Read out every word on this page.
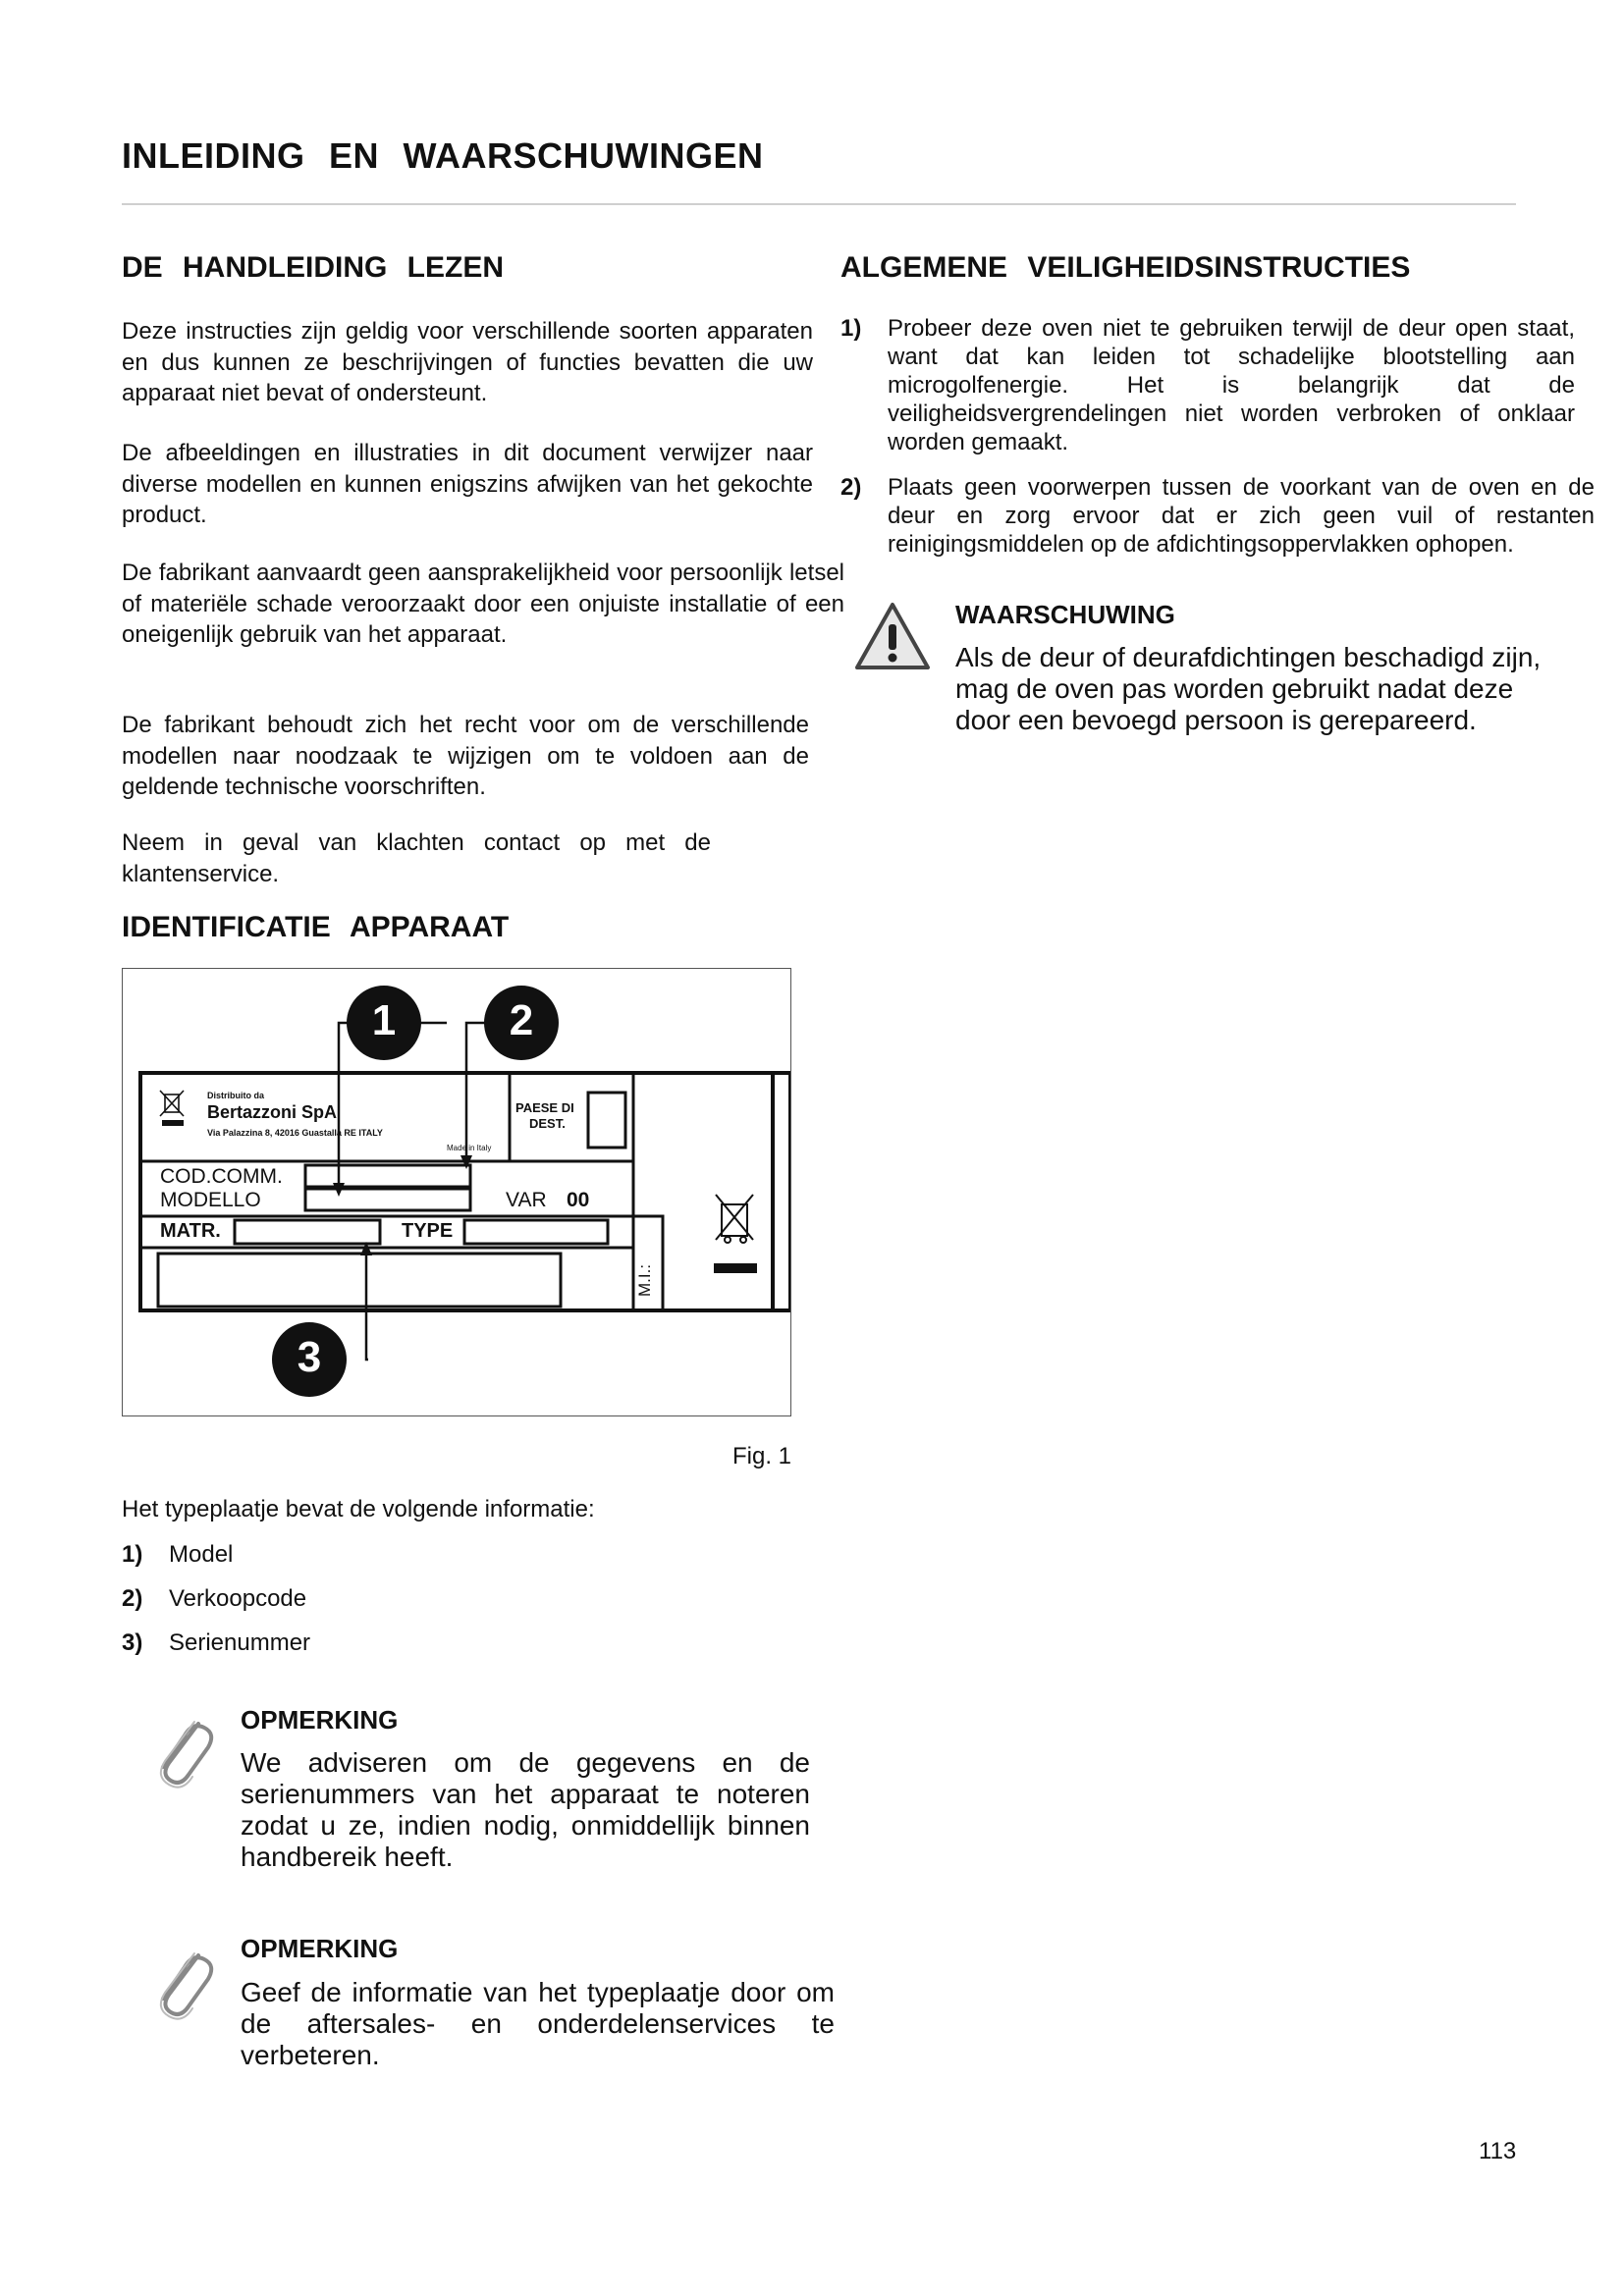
INLEIDING EN WAARSCHUWINGEN
DE HANDLEIDING LEZEN

Deze instructies zijn geldig voor verschillende soorten apparaten en dus kunnen ze beschrijvingen of functies bevatten die uw apparaat niet bevat of ondersteunt.

De afbeeldingen en illustraties in dit document verwijzer naar diverse modellen en kunnen enigszins afwijken van het gekochte product.

De fabrikant aanvaardt geen aansprakelijkheid voor persoonlijk letsel of materiële schade veroorzaakt door een onjuiste installatie of een oneigenlijk gebruik van het apparaat.

De fabrikant behoudt zich het recht voor om de verschillende modellen naar noodzaak te wijzigen om te voldoen aan de geldende technische voorschriften.

Neem in geval van klachten contact op met de klantenservice.

IDENTIFICATIE APPARAAT
1	2
3
Distribuito da
Bertazzoni SpA
Via Palazzina 8, 42016 Guastalla RE ITALY
Made in Italy
PAESE DI
DEST.
COD.COMM.
MODELLO	VAR 00
MATR.	TYPE
M.I.:
Fig. 1
Het typeplaatje bevat de volgende informatie:
1) Model
2) Verkoopcode
3) Serienummer
OPMERKING

We adviseren om de gegevens en de serienummers van het apparaat te noteren zodat u ze, indien nodig, onmiddellijk binnen handbereik heeft.

OPMERKING

Geef de informatie van het typeplaatje door om de aftersales- en onderdelenservices te verbeteren.

ALGEMENE VEILIGHEIDSINSTRUCTIES
1) Probeer deze oven niet te gebruiken terwijl de deur open staat, want dat kan leiden tot schadelijke blootstelling aan microgolfenergie. Het is belangrijk dat de veiligheidsvergrendelingen niet worden verbroken of onklaar worden gemaakt.
2) Plaats geen voorwerpen tussen de voorkant van de oven en de deur en zorg ervoor dat er zich geen vuil of restanten reinigingsmiddelen op de afdichtingsoppervlakken ophopen.
WAARSCHUWING

Als de deur of deurafdichtingen beschadigd zijn, mag de oven pas worden gebruikt nadat deze door een bevoegd persoon is gerepareerd.

113
